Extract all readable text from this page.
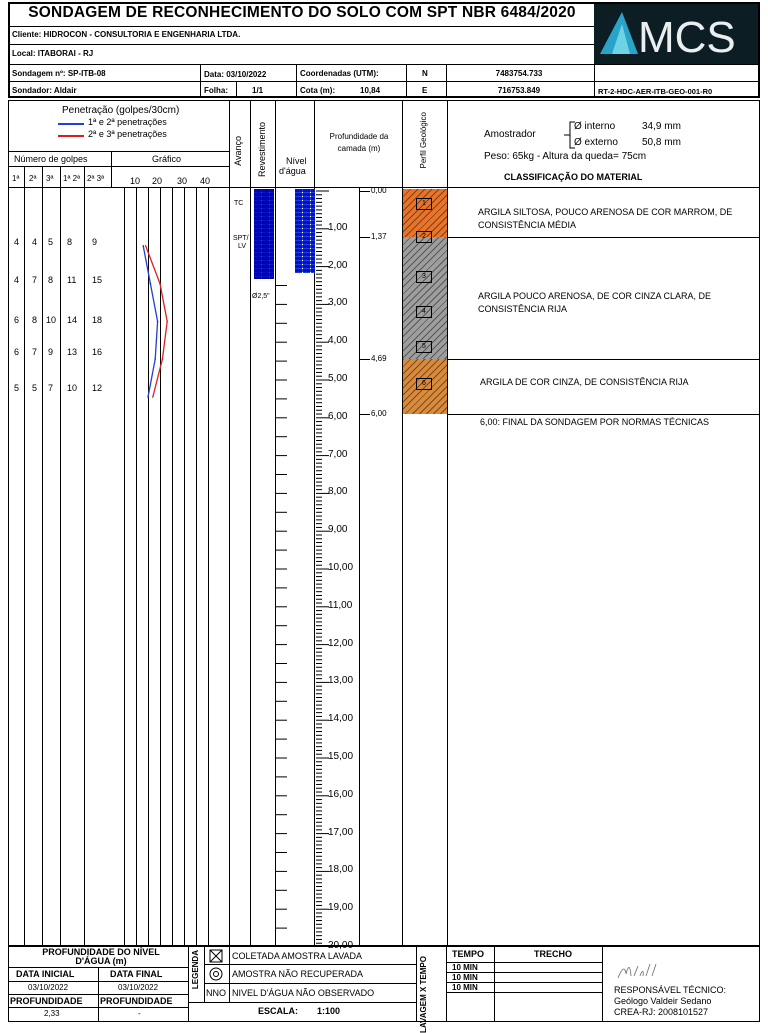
SONDAGEM DE RECONHECIMENTO DO SOLO COM SPT NBR 6484/2020
Cliente: HIDROCON - CONSULTORIA E ENGENHARIA LTDA.
Local: ITABORAI - RJ	MCS
Sondagem nº: SP-ITB-08	Data: 03/10/2022	Coordenadas (UTM):	N	7483754.733
Sondador: Aldair	Folha:	1/1	Cota (m):	10,84	E	716753.849	RT-2-HDC-AER-ITB-GEO-001-R0
Penetração (golpes/30cm)
1ª e 2ª penetrações
2ª e 3ª penetrações
Número de golpes	Gráfico
1ª 2ª 3ª 1ª 2ª 2ª 3ª	10 20 30 40
Avanço Revestimento Nível
d'água
Profundidade da camada (m)	Perfil Geológico	Amostrador
Ø interno	34,9 mm
Ø externo 50,8 mm
Peso: 65kg - Altura da queda= 75cm
CLASSIFICAÇÃO DO MATERIAL
4 4 5 8 9
4 7 8 11 15
6 8 10 14 18
6 7 9 13 16
5 5 7 10 12
TC
SPT/
LV
Ø2,5"
1,00
2,00
3,00
4,00
5,00
6,00
7,00
8,00
9,00
10,00
11,00
12,00
13,00
14,00
15,00
16,00
17,00
18,00
19,00
20,00
0,00
1,37
4,69
6,00
1
2
3
4
5
6
ARGILA SILTOSA, POUCO ARENOSA DE COR MARROM, DE CONSISTÊNCIA MÉDIA
ARGILA POUCO ARENOSA, DE COR CINZA CLARA, DE CONSISTÊNCIA RIJA
ARGILA DE COR CINZA, DE CONSISTÊNCIA RIJA
6,00: FINAL DA SONDAGEM POR NORMAS TÉCNICAS
PROFUNDIDADE DO NÍVEL D'ÁGUA (m)
DATA INICIAL	DATA FINAL
03/10/2022	03/10/2022
PROFUNDIDADE PROFUNDIDADE
2,33	-
LEGENDA	COLETADA AMOSTRA LAVADA
AMOSTRA NÃO RECUPERADA
NNO NIVEL D'ÁGUA NÃO OBSERVADO
ESCALA: 1:100	LAVAGEM X TEMPO
TEMPO	TRECHO
10 MIN
10 MIN
10 MIN	RESPONSÁVEL TÉCNICO:
Geólogo Valdeir Sedano
CREA-RJ: 2008101527
